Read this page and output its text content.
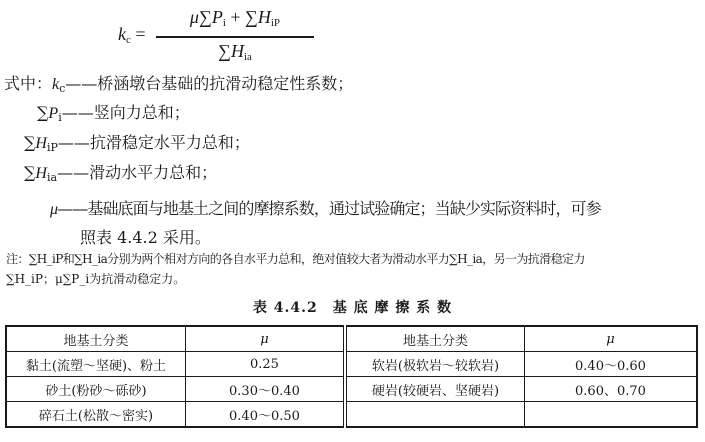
$k_c$ =
$\mu\sum P_i + \sum H_{iP}$
$\sum H_{ia}$
式中：$k_c——$桥涵墩台基础的抗滑动稳定性系数；
$\sum P_i——$竖向力总和；
$\sum H_{iP}——$抗滑稳定水平力总和；
$\sum H_{ia}——$滑动水平力总和；
μ——基础底面与地基土之间的摩擦系数，通过试验确定；当缺少实际资料时，可参
照表 4.4.2 采用。
注：∑H_iP和∑H_ia分别为两个相对方向的各自水平力总和，绝对值较大者为滑动水平力∑H_ia，另一为抗滑稳定力
∑H_iP；μ∑P_i为抗滑动稳定力。
表 4.4.2　基 底 摩 擦 系 数
地基土分类	μ	地基土分类	μ
黏土(流塑～坚硬)、粉土	0.25	软岩(极软岩～较软岩)	0.40～0.60
砂土(粉砂～砾砂)	0.30～0.40	硬岩(较硬岩、坚硬岩)	0.60、0.70
碎石土(松散～密实)	0.40～0.50		
